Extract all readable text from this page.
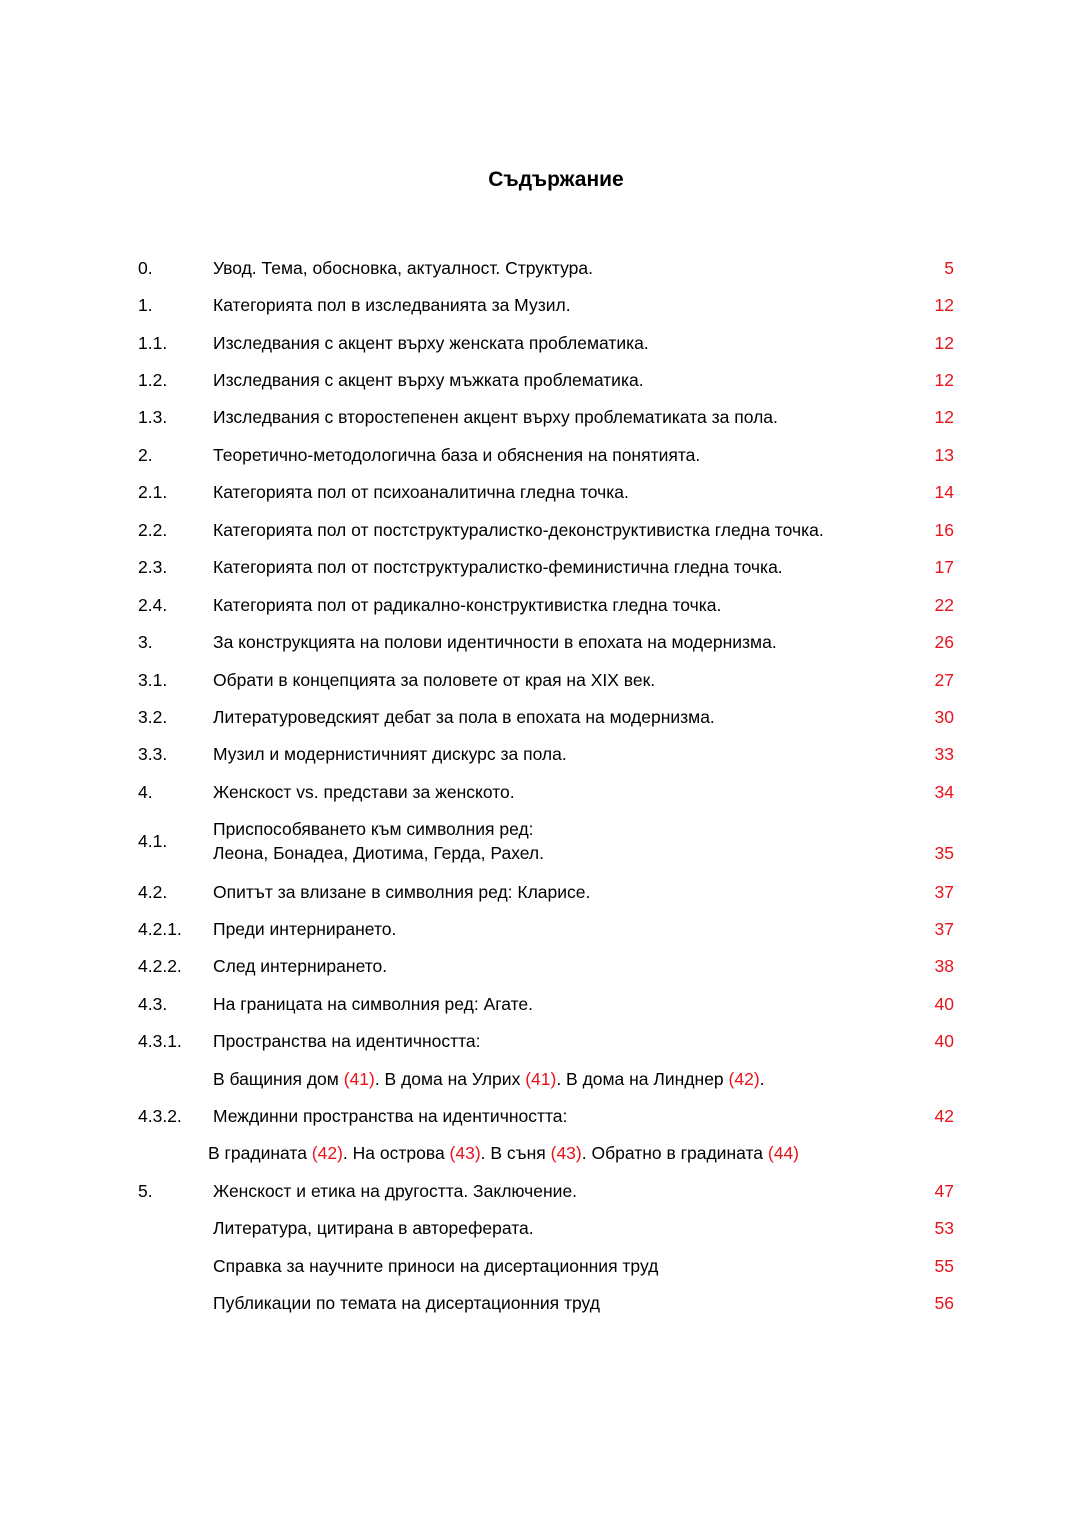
Съдържание
0.	Увод. Тема, обосновка, актуалност. Структура.	5
1.	Категорията пол в изследванията за Музил.	12
1.1.	Изследвания с акцент върху женската проблематика.	12
1.2.	Изследвания с акцент върху мъжката проблематика.	12
1.3.	Изследвания с второстепенен акцент върху проблематиката за пола.	12
2.	Теоретично-методологична база и обяснения на понятията.	13
2.1.	Категорията пол от психоаналитична гледна точка.	14
2.2.	Категорията пол от постструктуралистко-деконструктивистка гледна точка.	16
2.3.	Категорията пол от постструктуралистко-феминистична гледна точка.	17
2.4.	Категорията пол от радикално-конструктивистка гледна точка.	22
3.	За конструкцията на полови идентичности в епохата на модернизма.	26
3.1.	Обрати в концепцията за половете от края на XIX век.	27
3.2.	Литературоведският дебат за пола в епохата на модернизма.	30
3.3.	Музил и модернистичният дискурс за пола.	33
4.	Женскост vs. представи за женското.	34
4.1.
Приспособяването към символния ред:
Леона, Бонадеа, Диотима, Герда, Рахел.	35
4.2.	Опитът за влизане в символния ред: Кларисе.	37
4.2.1. Преди интернирането.	37
4.2.2. След интернирането.	38
4.3.	На границата на символния ред: Агате.	40
4.3.1. Пространства на идентичността:	40
В бащиния дом (41). В дома на Улрих (41). В дома на Линднер (42).
4.3.2. Междинни пространства на идентичността:	42
В градината (42). На острова (43). В съня (43). Обратно в градината (44)
5.	Женскост и етика на другостта. Заключение.	47
Литература, цитирана в автореферата.	53
Справка за научните приноси на дисертационния труд	55
Публикации по темата на дисертационния труд	56
